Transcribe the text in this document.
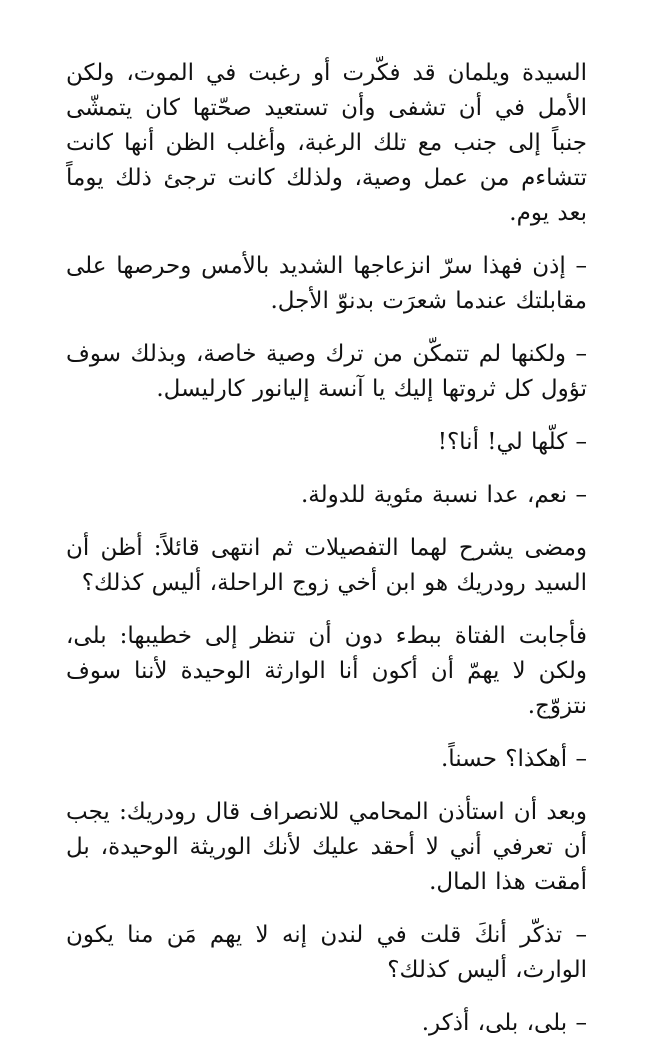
السيدة ويلمان قد فكّرت أو رغبت في الموت، ولكن الأمل في أن تشفى وأن تستعيد صحّتها كان يتمشّى جنباً إلى جنب مع تلك الرغبة، وأغلب الظن أنها كانت تتشاءم من عمل وصية، ولذلك كانت ترجئ ذلك يوماً بعد يوم.

– إذن فهذا سرّ انزعاجها الشديد بالأمس وحرصها على مقابلتك عندما شعرَت بدنوّ الأجل.

– ولكنها لم تتمكّن من ترك وصية خاصة، وبذلك سوف تؤول كل ثروتها إليك يا آنسة إليانور كارليسل.

– كلّها لي! أنا؟!

– نعم، عدا نسبة مئوية للدولة.

ومضى يشرح لهما التفصيلات ثم انتهى قائلاً: أظن أن السيد رودريك هو ابن أخي زوج الراحلة، أليس كذلك؟

فأجابت الفتاة ببطء دون أن تنظر إلى خطيبها: بلى، ولكن لا يهمّ أن أكون أنا الوارثة الوحيدة لأننا سوف نتزوّج.

– أهكذا؟ حسناً.

وبعد أن استأذن المحامي للانصراف قال رودريك: يجب أن تعرفي أني لا أحقد عليك لأنك الوريثة الوحيدة، بل أمقت هذا المال.

– تذكّر أنكَ قلت في لندن إنه لا يهم مَن منا يكون الوارث، أليس كذلك؟

– بلى، بلى، أذكر.
